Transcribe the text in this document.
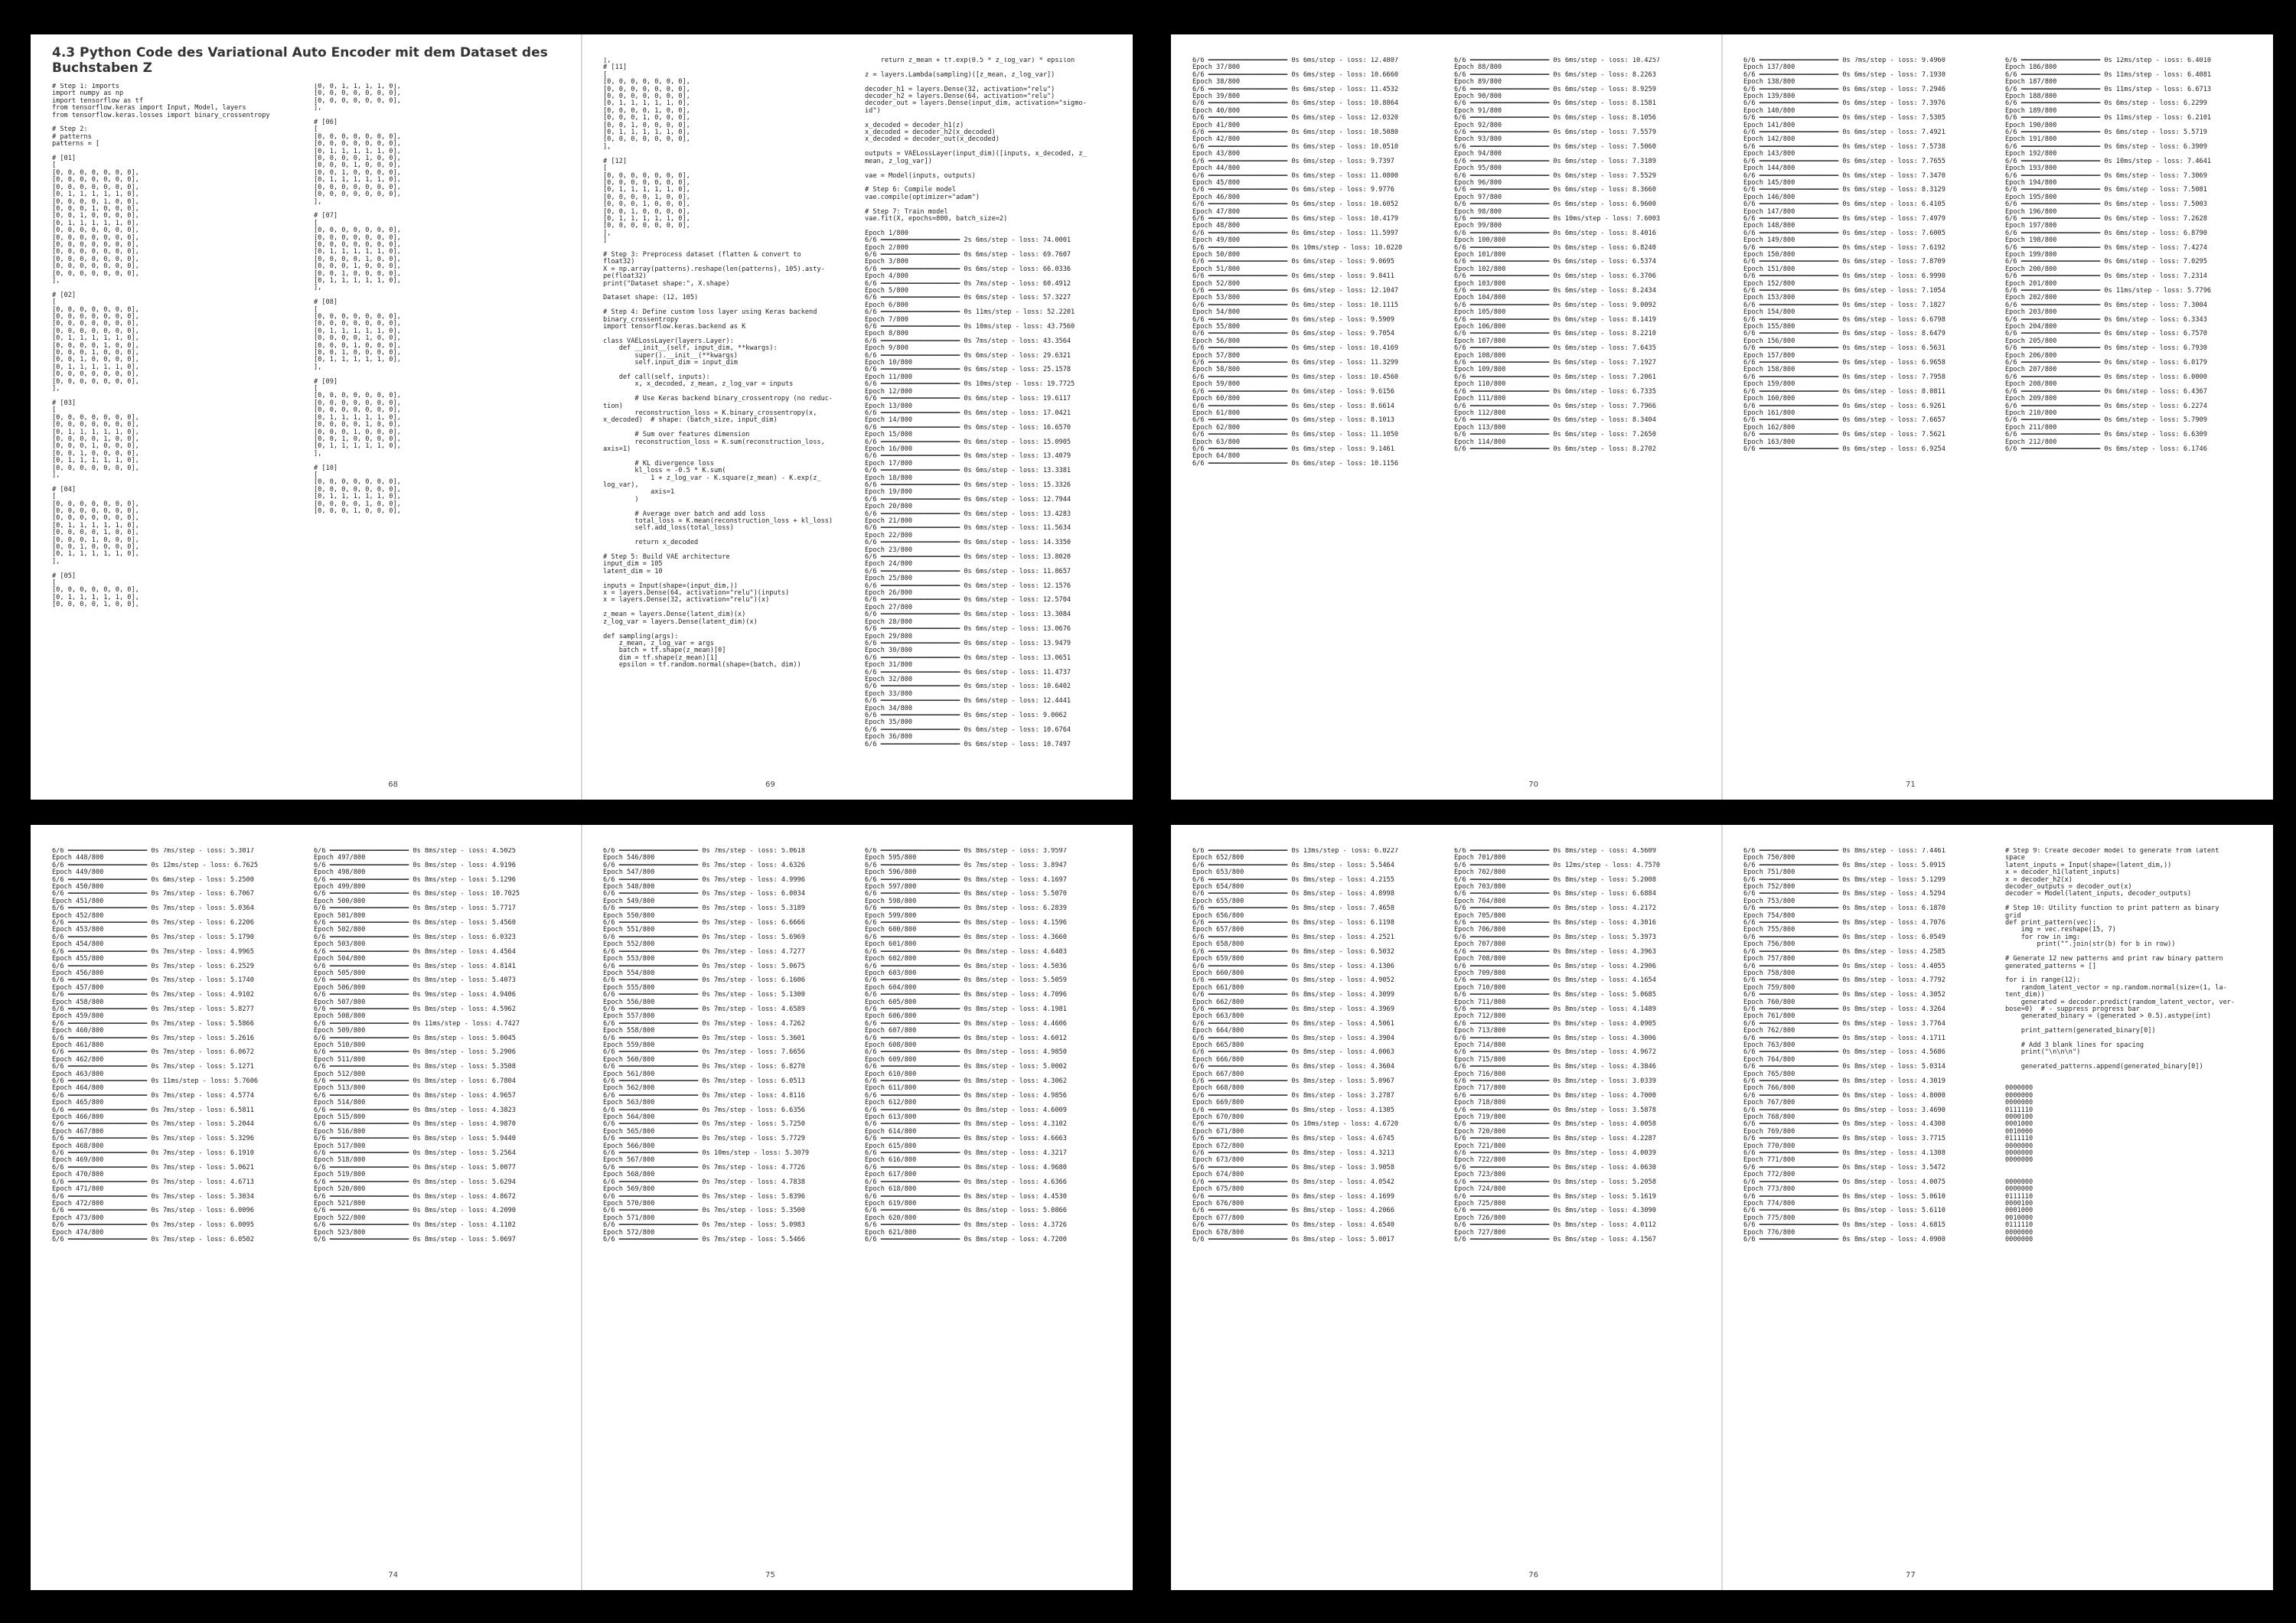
4.3 Python Code des Variational Auto Encoder mit dem Dataset des Buchstaben Z
# Step 1: Imports
import numpy as np
import tensorflow as tf
from tensorflow.keras import Input, Model, layers
from tensorflow.keras.losses import binary_crossentropy

# Step 2:
# patterns
patterns = [

# [01]
[
[0, 0, 0, 0, 0, 0, 0],
[0, 0, 0, 0, 0, 0, 0],
[0, 0, 0, 0, 0, 0, 0],
[0, 1, 1, 1, 1, 1, 0],
[0, 0, 0, 0, 1, 0, 0],
[0, 0, 0, 1, 0, 0, 0],
[0, 0, 1, 0, 0, 0, 0],
[0, 1, 1, 1, 1, 1, 0],
[0, 0, 0, 0, 0, 0, 0],
[0, 0, 0, 0, 0, 0, 0],
[0, 0, 0, 0, 0, 0, 0],
[0, 0, 0, 0, 0, 0, 0],
[0, 0, 0, 0, 0, 0, 0],
[0, 0, 0, 0, 0, 0, 0],
[0, 0, 0, 0, 0, 0, 0],
],

# [02]
[
[0, 0, 0, 0, 0, 0, 0],
[0, 0, 0, 0, 0, 0, 0],
[0, 0, 0, 0, 0, 0, 0],
[0, 0, 0, 0, 0, 0, 0],
[0, 1, 1, 1, 1, 1, 0],
[0, 0, 0, 0, 1, 0, 0],
[0, 0, 0, 1, 0, 0, 0],
[0, 0, 1, 0, 0, 0, 0],
[0, 1, 1, 1, 1, 1, 0],
[0, 0, 0, 0, 0, 0, 0],
[0, 0, 0, 0, 0, 0, 0],
],

# [03]
[
[0, 0, 0, 0, 0, 0, 0],
[0, 0, 0, 0, 0, 0, 0],
[0, 1, 1, 1, 1, 1, 0],
[0, 0, 0, 0, 1, 0, 0],
[0, 0, 0, 1, 0, 0, 0],
[0, 0, 1, 0, 0, 0, 0],
[0, 1, 1, 1, 1, 1, 0],
[0, 0, 0, 0, 0, 0, 0],
],

# [04]
[
[0, 0, 0, 0, 0, 0, 0],
[0, 0, 0, 0, 0, 0, 0],
[0, 0, 0, 0, 0, 0, 0],
[0, 1, 1, 1, 1, 1, 0],
[0, 0, 0, 0, 1, 0, 0],
[0, 0, 0, 1, 0, 0, 0],
[0, 0, 1, 0, 0, 0, 0],
[0, 1, 1, 1, 1, 1, 0],
],

# [05]
[
[0, 0, 0, 0, 0, 0, 0],
[0, 1, 1, 1, 1, 1, 0],
[0, 0, 0, 0, 1, 0, 0],
[0, 0, 1, 1, 1, 1, 0],
[0, 0, 0, 0, 0, 0, 0],
[0, 0, 0, 0, 0, 0, 0],
],

# [06]
[
[0, 0, 0, 0, 0, 0, 0],
[0, 0, 0, 0, 0, 0, 0],
[0, 1, 1, 1, 1, 1, 0],
[0, 0, 0, 0, 1, 0, 0],
[0, 0, 0, 1, 0, 0, 0],
[0, 0, 1, 0, 0, 0, 0],
[0, 1, 1, 1, 1, 1, 0],
[0, 0, 0, 0, 0, 0, 0],
[0, 0, 0, 0, 0, 0, 0],
],

# [07]
[
[0, 0, 0, 0, 0, 0, 0],
[0, 0, 0, 0, 0, 0, 0],
[0, 0, 0, 0, 0, 0, 0],
[0, 1, 1, 1, 1, 1, 0],
[0, 0, 0, 0, 1, 0, 0],
[0, 0, 0, 1, 0, 0, 0],
[0, 0, 1, 0, 0, 0, 0],
[0, 1, 1, 1, 1, 1, 0],
],

# [08]
[
[0, 0, 0, 0, 0, 0, 0],
[0, 0, 0, 0, 0, 0, 0],
[0, 1, 1, 1, 1, 1, 0],
[0, 0, 0, 0, 1, 0, 0],
[0, 0, 0, 1, 0, 0, 0],
[0, 0, 1, 0, 0, 0, 0],
[0, 1, 1, 1, 1, 1, 0],
],

# [09]
[
[0, 0, 0, 0, 0, 0, 0],
[0, 0, 0, 0, 0, 0, 0],
[0, 0, 0, 0, 0, 0, 0],
[0, 1, 1, 1, 1, 1, 0],
[0, 0, 0, 0, 1, 0, 0],
[0, 0, 0, 1, 0, 0, 0],
[0, 0, 1, 0, 0, 0, 0],
[0, 1, 1, 1, 1, 1, 0],
],

# [10]
[
[0, 0, 0, 0, 0, 0, 0],
[0, 0, 0, 0, 0, 0, 0],
[0, 1, 1, 1, 1, 1, 0],
[0, 0, 0, 0, 1, 0, 0],
[0, 0, 0, 1, 0, 0, 0],
68
],
# [11]
[
[0, 0, 0, 0, 0, 0, 0],
[0, 0, 0, 0, 0, 0, 0],
[0, 0, 0, 0, 0, 0, 0],
[0, 1, 1, 1, 1, 1, 0],
[0, 0, 0, 0, 1, 0, 0],
[0, 0, 0, 1, 0, 0, 0],
[0, 0, 1, 0, 0, 0, 0],
[0, 1, 1, 1, 1, 1, 0],
[0, 0, 0, 0, 0, 0, 0],
],

# [12]
[
[0, 0, 0, 0, 0, 0, 0],
[0, 0, 0, 0, 0, 0, 0],
[0, 1, 1, 1, 1, 1, 0],
[0, 0, 0, 0, 1, 0, 0],
[0, 0, 0, 1, 0, 0, 0],
[0, 0, 1, 0, 0, 0, 0],
[0, 1, 1, 1, 1, 1, 0],
[0, 0, 0, 0, 0, 0, 0],
],
]

# Step 3: Preprocess dataset (flatten & convert to
float32)
X = np.array(patterns).reshape(len(patterns), 105).asty-
pe(float32)
print("Dataset shape:", X.shape)

Dataset shape: (12, 105)

# Step 4: Define custom loss layer using Keras backend
binary_crossentropy
import tensorflow.keras.backend as K

class VAELossLayer(layers.Layer):
def __init__(self, input_dim, **kwargs):
super().__init__(**kwargs)
self.input_dim = input_dim

def call(self, inputs):
x, x_decoded, z_mean, z_log_var = inputs

# Use Keras backend binary_crossentropy (no reduc-
tion)
reconstruction_loss = K.binary_crossentropy(x,
x_decoded)  # shape: (batch_size, input_dim)

# Sum over features dimension
reconstruction_loss = K.sum(reconstruction_loss,
axis=1)

# KL divergence loss
kl_loss = -0.5 * K.sum(
1 + z_log_var - K.square(z_mean) - K.exp(z_
log_var),
axis=1
)

# Average over batch and add loss
total_loss = K.mean(reconstruction_loss + kl_loss)
self.add_loss(total_loss)

return x_decoded

# Step 5: Build VAE architecture
input_dim = 105
latent_dim = 10

inputs = Input(shape=(input_dim,))
x = layers.Dense(64, activation="relu")(inputs)
x = layers.Dense(32, activation="relu")(x)

z_mean = layers.Dense(latent_dim)(x)
z_log_var = layers.Dense(latent_dim)(x)

def sampling(args):
z_mean, z_log_var = args
batch = tf.shape(z_mean)[0]
dim = tf.shape(z_mean)[1]
epsilon = tf.random.normal(shape=(batch, dim))
return z_mean + tf.exp(0.5 * z_log_var) * epsilon

z = layers.Lambda(sampling)([z_mean, z_log_var])

decoder_h1 = layers.Dense(32, activation="relu")
decoder_h2 = layers.Dense(64, activation="relu")
decoder_out = layers.Dense(input_dim, activation="sigmo-
id")

x_decoded = decoder_h1(z)
x_decoded = decoder_h2(x_decoded)
x_decoded = decoder_out(x_decoded)

outputs = VAELossLayer(input_dim)([inputs, x_decoded, z_
mean, z_log_var])

vae = Model(inputs, outputs)

# Step 6: Compile model
vae.compile(optimizer="adam")

# Step 7: Train model
vae.fit(X, epochs=800, batch_size=2)

Epoch 1/800
6/6 ━━━━━━━━━━━━━━━━━━━━ 2s 6ms/step - loss: 74.0001
Epoch 2/800
6/6 ━━━━━━━━━━━━━━━━━━━━ 0s 6ms/step - loss: 69.7607
Epoch 3/800
6/6 ━━━━━━━━━━━━━━━━━━━━ 0s 6ms/step - loss: 66.0336
Epoch 4/800
6/6 ━━━━━━━━━━━━━━━━━━━━ 0s 7ms/step - loss: 60.4912
Epoch 5/800
6/6 ━━━━━━━━━━━━━━━━━━━━ 0s 6ms/step - loss: 57.3227
Epoch 6/800
6/6 ━━━━━━━━━━━━━━━━━━━━ 0s 11ms/step - loss: 52.2201
Epoch 7/800
6/6 ━━━━━━━━━━━━━━━━━━━━ 0s 10ms/step - loss: 43.7560
Epoch 8/800
6/6 ━━━━━━━━━━━━━━━━━━━━ 0s 7ms/step - loss: 43.3564
Epoch 9/800
6/6 ━━━━━━━━━━━━━━━━━━━━ 0s 6ms/step - loss: 29.6321
Epoch 10/800
6/6 ━━━━━━━━━━━━━━━━━━━━ 0s 6ms/step - loss: 25.1578
Epoch 11/800
6/6 ━━━━━━━━━━━━━━━━━━━━ 0s 10ms/step - loss: 19.7725
Epoch 12/800
6/6 ━━━━━━━━━━━━━━━━━━━━ 0s 6ms/step - loss: 19.6117
Epoch 13/800
6/6 ━━━━━━━━━━━━━━━━━━━━ 0s 6ms/step - loss: 17.0421
Epoch 14/800
6/6 ━━━━━━━━━━━━━━━━━━━━ 0s 6ms/step - loss: 16.6570
Epoch 15/800
6/6 ━━━━━━━━━━━━━━━━━━━━ 0s 6ms/step - loss: 15.0905
Epoch 16/800
6/6 ━━━━━━━━━━━━━━━━━━━━ 0s 6ms/step - loss: 13.4079
Epoch 17/800
6/6 ━━━━━━━━━━━━━━━━━━━━ 0s 6ms/step - loss: 13.3381
Epoch 18/800
6/6 ━━━━━━━━━━━━━━━━━━━━ 0s 6ms/step - loss: 15.3326
Epoch 19/800
6/6 ━━━━━━━━━━━━━━━━━━━━ 0s 6ms/step - loss: 12.7944
Epoch 20/800
6/6 ━━━━━━━━━━━━━━━━━━━━ 0s 6ms/step - loss: 13.4283
Epoch 21/800
6/6 ━━━━━━━━━━━━━━━━━━━━ 0s 6ms/step - loss: 11.5634
Epoch 22/800
6/6 ━━━━━━━━━━━━━━━━━━━━ 0s 6ms/step - loss: 14.3350
Epoch 23/800
6/6 ━━━━━━━━━━━━━━━━━━━━ 0s 6ms/step - loss: 13.8020
Epoch 24/800
6/6 ━━━━━━━━━━━━━━━━━━━━ 0s 6ms/step - loss: 11.8657
Epoch 25/800
6/6 ━━━━━━━━━━━━━━━━━━━━ 0s 6ms/step - loss: 12.1576
Epoch 26/800
6/6 ━━━━━━━━━━━━━━━━━━━━ 0s 6ms/step - loss: 12.5704
Epoch 27/800
6/6 ━━━━━━━━━━━━━━━━━━━━ 0s 6ms/step - loss: 13.3084
Epoch 28/800
6/6 ━━━━━━━━━━━━━━━━━━━━ 0s 6ms/step - loss: 13.0676
Epoch 29/800
6/6 ━━━━━━━━━━━━━━━━━━━━ 0s 6ms/step - loss: 13.9479
Epoch 30/800
6/6 ━━━━━━━━━━━━━━━━━━━━ 0s 6ms/step - loss: 13.0651
Epoch 31/800
6/6 ━━━━━━━━━━━━━━━━━━━━ 0s 6ms/step - loss: 11.4737
Epoch 32/800
6/6 ━━━━━━━━━━━━━━━━━━━━ 0s 6ms/step - loss: 10.6402
Epoch 33/800
6/6 ━━━━━━━━━━━━━━━━━━━━ 0s 6ms/step - loss: 12.4441
Epoch 34/800
6/6 ━━━━━━━━━━━━━━━━━━━━ 0s 6ms/step - loss: 9.0062
Epoch 35/800
6/6 ━━━━━━━━━━━━━━━━━━━━ 0s 6ms/step - loss: 10.6764
Epoch 36/800
6/6 ━━━━━━━━━━━━━━━━━━━━ 0s 6ms/step - loss: 10.7497
69
6/6 ━━━━━━━━━━━━━━━━━━━━ 0s 6ms/step - loss: 12.4807
Epoch 37/800
6/6 ━━━━━━━━━━━━━━━━━━━━ 0s 6ms/step - loss: 10.6660
Epoch 38/800
6/6 ━━━━━━━━━━━━━━━━━━━━ 0s 6ms/step - loss: 11.4532
Epoch 39/800
6/6 ━━━━━━━━━━━━━━━━━━━━ 0s 6ms/step - loss: 10.8864
Epoch 40/800
6/6 ━━━━━━━━━━━━━━━━━━━━ 0s 6ms/step - loss: 12.0320
Epoch 41/800
6/6 ━━━━━━━━━━━━━━━━━━━━ 0s 6ms/step - loss: 10.5080
Epoch 42/800
6/6 ━━━━━━━━━━━━━━━━━━━━ 0s 6ms/step - loss: 10.0510
Epoch 43/800
6/6 ━━━━━━━━━━━━━━━━━━━━ 0s 6ms/step - loss: 9.7397
Epoch 44/800
6/6 ━━━━━━━━━━━━━━━━━━━━ 0s 6ms/step - loss: 11.0800
Epoch 45/800
6/6 ━━━━━━━━━━━━━━━━━━━━ 0s 6ms/step - loss: 9.9776
Epoch 46/800
6/6 ━━━━━━━━━━━━━━━━━━━━ 0s 6ms/step - loss: 10.6052
Epoch 47/800
6/6 ━━━━━━━━━━━━━━━━━━━━ 0s 6ms/step - loss: 10.4179
Epoch 48/800
6/6 ━━━━━━━━━━━━━━━━━━━━ 0s 6ms/step - loss: 11.5997
Epoch 49/800
6/6 ━━━━━━━━━━━━━━━━━━━━ 0s 10ms/step - loss: 10.0220
Epoch 50/800
6/6 ━━━━━━━━━━━━━━━━━━━━ 0s 6ms/step - loss: 9.0695
Epoch 51/800
6/6 ━━━━━━━━━━━━━━━━━━━━ 0s 6ms/step - loss: 9.8411
Epoch 52/800
6/6 ━━━━━━━━━━━━━━━━━━━━ 0s 6ms/step - loss: 12.1047
Epoch 53/800
6/6 ━━━━━━━━━━━━━━━━━━━━ 0s 6ms/step - loss: 10.1115
Epoch 54/800
6/6 ━━━━━━━━━━━━━━━━━━━━ 0s 6ms/step - loss: 9.5909
Epoch 55/800
6/6 ━━━━━━━━━━━━━━━━━━━━ 0s 6ms/step - loss: 9.7054
Epoch 56/800
6/6 ━━━━━━━━━━━━━━━━━━━━ 0s 6ms/step - loss: 10.4169
Epoch 57/800
6/6 ━━━━━━━━━━━━━━━━━━━━ 0s 6ms/step - loss: 11.3299
Epoch 58/800
6/6 ━━━━━━━━━━━━━━━━━━━━ 0s 6ms/step - loss: 10.4560
Epoch 59/800
6/6 ━━━━━━━━━━━━━━━━━━━━ 0s 6ms/step - loss: 9.6156
Epoch 60/800
6/6 ━━━━━━━━━━━━━━━━━━━━ 0s 6ms/step - loss: 8.6614
Epoch 61/800
6/6 ━━━━━━━━━━━━━━━━━━━━ 0s 6ms/step - loss: 8.1013
Epoch 62/800
6/6 ━━━━━━━━━━━━━━━━━━━━ 0s 6ms/step - loss: 11.1050
Epoch 63/800
6/6 ━━━━━━━━━━━━━━━━━━━━ 0s 6ms/step - loss: 9.1461
Epoch 64/800
6/6 ━━━━━━━━━━━━━━━━━━━━ 0s 6ms/step - loss: 10.1156
6/6 ━━━━━━━━━━━━━━━━━━━━ 0s 6ms/step - loss: 10.4257
Epoch 88/800
6/6 ━━━━━━━━━━━━━━━━━━━━ 0s 6ms/step - loss: 8.2263
Epoch 89/800
6/6 ━━━━━━━━━━━━━━━━━━━━ 0s 6ms/step - loss: 8.9259
Epoch 90/800
6/6 ━━━━━━━━━━━━━━━━━━━━ 0s 6ms/step - loss: 8.1581
Epoch 91/800
6/6 ━━━━━━━━━━━━━━━━━━━━ 0s 6ms/step - loss: 8.1056
Epoch 92/800
6/6 ━━━━━━━━━━━━━━━━━━━━ 0s 6ms/step - loss: 7.5579
Epoch 93/800
6/6 ━━━━━━━━━━━━━━━━━━━━ 0s 6ms/step - loss: 7.5060
Epoch 94/800
6/6 ━━━━━━━━━━━━━━━━━━━━ 0s 6ms/step - loss: 7.3189
Epoch 95/800
6/6 ━━━━━━━━━━━━━━━━━━━━ 0s 6ms/step - loss: 7.5529
Epoch 96/800
6/6 ━━━━━━━━━━━━━━━━━━━━ 0s 6ms/step - loss: 8.3660
Epoch 97/800
6/6 ━━━━━━━━━━━━━━━━━━━━ 0s 6ms/step - loss: 6.9600
Epoch 98/800
6/6 ━━━━━━━━━━━━━━━━━━━━ 0s 10ms/step - loss: 7.6003
Epoch 99/800
6/6 ━━━━━━━━━━━━━━━━━━━━ 0s 6ms/step - loss: 8.4016
Epoch 100/800
6/6 ━━━━━━━━━━━━━━━━━━━━ 0s 6ms/step - loss: 6.8240
Epoch 101/800
6/6 ━━━━━━━━━━━━━━━━━━━━ 0s 6ms/step - loss: 6.5374
Epoch 102/800
6/6 ━━━━━━━━━━━━━━━━━━━━ 0s 6ms/step - loss: 6.3706
Epoch 103/800
6/6 ━━━━━━━━━━━━━━━━━━━━ 0s 6ms/step - loss: 8.2434
Epoch 104/800
6/6 ━━━━━━━━━━━━━━━━━━━━ 0s 6ms/step - loss: 9.0092
Epoch 105/800
6/6 ━━━━━━━━━━━━━━━━━━━━ 0s 6ms/step - loss: 8.1419
Epoch 106/800
6/6 ━━━━━━━━━━━━━━━━━━━━ 0s 6ms/step - loss: 8.2210
Epoch 107/800
6/6 ━━━━━━━━━━━━━━━━━━━━ 0s 6ms/step - loss: 7.6435
Epoch 108/800
6/6 ━━━━━━━━━━━━━━━━━━━━ 0s 6ms/step - loss: 7.1927
Epoch 109/800
6/6 ━━━━━━━━━━━━━━━━━━━━ 0s 6ms/step - loss: 7.2061
Epoch 110/800
6/6 ━━━━━━━━━━━━━━━━━━━━ 0s 6ms/step - loss: 6.7335
Epoch 111/800
6/6 ━━━━━━━━━━━━━━━━━━━━ 0s 6ms/step - loss: 7.7966
Epoch 112/800
6/6 ━━━━━━━━━━━━━━━━━━━━ 0s 6ms/step - loss: 8.3404
Epoch 113/800
6/6 ━━━━━━━━━━━━━━━━━━━━ 0s 6ms/step - loss: 7.2650
Epoch 114/800
6/6 ━━━━━━━━━━━━━━━━━━━━ 0s 6ms/step - loss: 8.2702
70
6/6 ━━━━━━━━━━━━━━━━━━━━ 0s 7ms/step - loss: 9.4960
Epoch 137/800
6/6 ━━━━━━━━━━━━━━━━━━━━ 0s 6ms/step - loss: 7.1930
Epoch 138/800
6/6 ━━━━━━━━━━━━━━━━━━━━ 0s 6ms/step - loss: 7.2946
Epoch 139/800
6/6 ━━━━━━━━━━━━━━━━━━━━ 0s 6ms/step - loss: 7.3976
Epoch 140/800
6/6 ━━━━━━━━━━━━━━━━━━━━ 0s 6ms/step - loss: 7.5305
Epoch 141/800
6/6 ━━━━━━━━━━━━━━━━━━━━ 0s 6ms/step - loss: 7.4921
Epoch 142/800
6/6 ━━━━━━━━━━━━━━━━━━━━ 0s 6ms/step - loss: 7.5738
Epoch 143/800
6/6 ━━━━━━━━━━━━━━━━━━━━ 0s 6ms/step - loss: 7.7655
Epoch 144/800
6/6 ━━━━━━━━━━━━━━━━━━━━ 0s 6ms/step - loss: 7.3470
Epoch 145/800
6/6 ━━━━━━━━━━━━━━━━━━━━ 0s 6ms/step - loss: 8.3129
Epoch 146/800
6/6 ━━━━━━━━━━━━━━━━━━━━ 0s 6ms/step - loss: 6.4105
Epoch 147/800
6/6 ━━━━━━━━━━━━━━━━━━━━ 0s 6ms/step - loss: 7.4979
Epoch 148/800
6/6 ━━━━━━━━━━━━━━━━━━━━ 0s 6ms/step - loss: 7.6005
Epoch 149/800
6/6 ━━━━━━━━━━━━━━━━━━━━ 0s 6ms/step - loss: 7.6192
Epoch 150/800
6/6 ━━━━━━━━━━━━━━━━━━━━ 0s 6ms/step - loss: 7.8709
Epoch 151/800
6/6 ━━━━━━━━━━━━━━━━━━━━ 0s 6ms/step - loss: 6.9990
Epoch 152/800
6/6 ━━━━━━━━━━━━━━━━━━━━ 0s 6ms/step - loss: 7.1054
Epoch 153/800
6/6 ━━━━━━━━━━━━━━━━━━━━ 0s 6ms/step - loss: 7.1827
Epoch 154/800
6/6 ━━━━━━━━━━━━━━━━━━━━ 0s 6ms/step - loss: 6.6798
Epoch 155/800
6/6 ━━━━━━━━━━━━━━━━━━━━ 0s 6ms/step - loss: 8.6479
Epoch 156/800
6/6 ━━━━━━━━━━━━━━━━━━━━ 0s 6ms/step - loss: 6.5631
Epoch 157/800
6/6 ━━━━━━━━━━━━━━━━━━━━ 0s 6ms/step - loss: 6.9658
Epoch 158/800
6/6 ━━━━━━━━━━━━━━━━━━━━ 0s 6ms/step - loss: 7.7958
Epoch 159/800
6/6 ━━━━━━━━━━━━━━━━━━━━ 0s 6ms/step - loss: 8.0811
Epoch 160/800
6/6 ━━━━━━━━━━━━━━━━━━━━ 0s 6ms/step - loss: 6.9261
Epoch 161/800
6/6 ━━━━━━━━━━━━━━━━━━━━ 0s 6ms/step - loss: 7.6657
Epoch 162/800
6/6 ━━━━━━━━━━━━━━━━━━━━ 0s 6ms/step - loss: 7.5621
Epoch 163/800
6/6 ━━━━━━━━━━━━━━━━━━━━ 0s 6ms/step - loss: 6.9254
6/6 ━━━━━━━━━━━━━━━━━━━━ 0s 12ms/step - loss: 6.4010
Epoch 186/800
6/6 ━━━━━━━━━━━━━━━━━━━━ 0s 11ms/step - loss: 6.4081
Epoch 187/800
6/6 ━━━━━━━━━━━━━━━━━━━━ 0s 11ms/step - loss: 6.6713
Epoch 188/800
6/6 ━━━━━━━━━━━━━━━━━━━━ 0s 6ms/step - loss: 6.2299
Epoch 189/800
6/6 ━━━━━━━━━━━━━━━━━━━━ 0s 11ms/step - loss: 6.2101
Epoch 190/800
6/6 ━━━━━━━━━━━━━━━━━━━━ 0s 6ms/step - loss: 5.5719
Epoch 191/800
6/6 ━━━━━━━━━━━━━━━━━━━━ 0s 6ms/step - loss: 6.3909
Epoch 192/800
6/6 ━━━━━━━━━━━━━━━━━━━━ 0s 10ms/step - loss: 7.4641
Epoch 193/800
6/6 ━━━━━━━━━━━━━━━━━━━━ 0s 6ms/step - loss: 7.3069
Epoch 194/800
6/6 ━━━━━━━━━━━━━━━━━━━━ 0s 6ms/step - loss: 7.5081
Epoch 195/800
6/6 ━━━━━━━━━━━━━━━━━━━━ 0s 6ms/step - loss: 7.5003
Epoch 196/800
6/6 ━━━━━━━━━━━━━━━━━━━━ 0s 6ms/step - loss: 7.2628
Epoch 197/800
6/6 ━━━━━━━━━━━━━━━━━━━━ 0s 6ms/step - loss: 6.8790
Epoch 198/800
6/6 ━━━━━━━━━━━━━━━━━━━━ 0s 6ms/step - loss: 7.4274
Epoch 199/800
6/6 ━━━━━━━━━━━━━━━━━━━━ 0s 6ms/step - loss: 7.0295
Epoch 200/800
6/6 ━━━━━━━━━━━━━━━━━━━━ 0s 6ms/step - loss: 7.2314
Epoch 201/800
6/6 ━━━━━━━━━━━━━━━━━━━━ 0s 11ms/step - loss: 5.7796
Epoch 202/800
6/6 ━━━━━━━━━━━━━━━━━━━━ 0s 6ms/step - loss: 7.3004
Epoch 203/800
6/6 ━━━━━━━━━━━━━━━━━━━━ 0s 6ms/step - loss: 6.3343
Epoch 204/800
6/6 ━━━━━━━━━━━━━━━━━━━━ 0s 6ms/step - loss: 6.7570
Epoch 205/800
6/6 ━━━━━━━━━━━━━━━━━━━━ 0s 6ms/step - loss: 6.7930
Epoch 206/800
6/6 ━━━━━━━━━━━━━━━━━━━━ 0s 6ms/step - loss: 6.0179
Epoch 207/800
6/6 ━━━━━━━━━━━━━━━━━━━━ 0s 6ms/step - loss: 6.0000
Epoch 208/800
6/6 ━━━━━━━━━━━━━━━━━━━━ 0s 6ms/step - loss: 6.4367
Epoch 209/800
6/6 ━━━━━━━━━━━━━━━━━━━━ 0s 6ms/step - loss: 6.2274
Epoch 210/800
6/6 ━━━━━━━━━━━━━━━━━━━━ 0s 6ms/step - loss: 5.7909
Epoch 211/800
6/6 ━━━━━━━━━━━━━━━━━━━━ 0s 6ms/step - loss: 6.6309
Epoch 212/800
6/6 ━━━━━━━━━━━━━━━━━━━━ 0s 6ms/step - loss: 6.1746
71
6/6 ━━━━━━━━━━━━━━━━━━━━ 0s 7ms/step - loss: 5.3017
Epoch 448/800
6/6 ━━━━━━━━━━━━━━━━━━━━ 0s 12ms/step - loss: 6.7625
Epoch 449/800
6/6 ━━━━━━━━━━━━━━━━━━━━ 0s 6ms/step - loss: 5.2500
Epoch 450/800
6/6 ━━━━━━━━━━━━━━━━━━━━ 0s 7ms/step - loss: 6.7067
Epoch 451/800
6/6 ━━━━━━━━━━━━━━━━━━━━ 0s 7ms/step - loss: 5.0364
Epoch 452/800
6/6 ━━━━━━━━━━━━━━━━━━━━ 0s 7ms/step - loss: 6.2206
Epoch 453/800
6/6 ━━━━━━━━━━━━━━━━━━━━ 0s 7ms/step - loss: 5.1790
Epoch 454/800
6/6 ━━━━━━━━━━━━━━━━━━━━ 0s 7ms/step - loss: 4.9965
Epoch 455/800
6/6 ━━━━━━━━━━━━━━━━━━━━ 0s 7ms/step - loss: 6.2529
Epoch 456/800
6/6 ━━━━━━━━━━━━━━━━━━━━ 0s 7ms/step - loss: 5.1740
Epoch 457/800
6/6 ━━━━━━━━━━━━━━━━━━━━ 0s 7ms/step - loss: 4.9102
Epoch 458/800
6/6 ━━━━━━━━━━━━━━━━━━━━ 0s 7ms/step - loss: 5.8277
Epoch 459/800
6/6 ━━━━━━━━━━━━━━━━━━━━ 0s 7ms/step - loss: 5.5866
Epoch 460/800
6/6 ━━━━━━━━━━━━━━━━━━━━ 0s 7ms/step - loss: 5.2616
Epoch 461/800
6/6 ━━━━━━━━━━━━━━━━━━━━ 0s 7ms/step - loss: 6.0672
Epoch 462/800
6/6 ━━━━━━━━━━━━━━━━━━━━ 0s 7ms/step - loss: 5.1271
Epoch 463/800
6/6 ━━━━━━━━━━━━━━━━━━━━ 0s 11ms/step - loss: 5.7606
Epoch 464/800
6/6 ━━━━━━━━━━━━━━━━━━━━ 0s 7ms/step - loss: 4.5774
Epoch 465/800
6/6 ━━━━━━━━━━━━━━━━━━━━ 0s 7ms/step - loss: 6.5811
Epoch 466/800
6/6 ━━━━━━━━━━━━━━━━━━━━ 0s 7ms/step - loss: 5.2044
Epoch 467/800
6/6 ━━━━━━━━━━━━━━━━━━━━ 0s 7ms/step - loss: 5.3296
Epoch 468/800
6/6 ━━━━━━━━━━━━━━━━━━━━ 0s 7ms/step - loss: 6.1910
Epoch 469/800
6/6 ━━━━━━━━━━━━━━━━━━━━ 0s 7ms/step - loss: 5.0621
Epoch 470/800
6/6 ━━━━━━━━━━━━━━━━━━━━ 0s 7ms/step - loss: 4.6713
Epoch 471/800
6/6 ━━━━━━━━━━━━━━━━━━━━ 0s 7ms/step - loss: 5.3034
Epoch 472/800
6/6 ━━━━━━━━━━━━━━━━━━━━ 0s 7ms/step - loss: 6.0096
Epoch 473/800
6/6 ━━━━━━━━━━━━━━━━━━━━ 0s 7ms/step - loss: 6.0095
Epoch 474/800
6/6 ━━━━━━━━━━━━━━━━━━━━ 0s 7ms/step - loss: 6.0502
6/6 ━━━━━━━━━━━━━━━━━━━━ 0s 8ms/step - loss: 4.5025
Epoch 497/800
6/6 ━━━━━━━━━━━━━━━━━━━━ 0s 8ms/step - loss: 4.9196
Epoch 498/800
6/6 ━━━━━━━━━━━━━━━━━━━━ 0s 8ms/step - loss: 5.1296
Epoch 499/800
6/6 ━━━━━━━━━━━━━━━━━━━━ 0s 8ms/step - loss: 10.7025
Epoch 500/800
6/6 ━━━━━━━━━━━━━━━━━━━━ 0s 8ms/step - loss: 5.7717
Epoch 501/800
6/6 ━━━━━━━━━━━━━━━━━━━━ 0s 8ms/step - loss: 5.4560
Epoch 502/800
6/6 ━━━━━━━━━━━━━━━━━━━━ 0s 8ms/step - loss: 6.0323
Epoch 503/800
6/6 ━━━━━━━━━━━━━━━━━━━━ 0s 8ms/step - loss: 4.4564
Epoch 504/800
6/6 ━━━━━━━━━━━━━━━━━━━━ 0s 8ms/step - loss: 4.8141
Epoch 505/800
6/6 ━━━━━━━━━━━━━━━━━━━━ 0s 8ms/step - loss: 5.4073
Epoch 506/800
6/6 ━━━━━━━━━━━━━━━━━━━━ 0s 9ms/step - loss: 4.9406
Epoch 507/800
6/6 ━━━━━━━━━━━━━━━━━━━━ 0s 8ms/step - loss: 4.5962
Epoch 508/800
6/6 ━━━━━━━━━━━━━━━━━━━━ 0s 11ms/step - loss: 4.7427
Epoch 509/800
6/6 ━━━━━━━━━━━━━━━━━━━━ 0s 8ms/step - loss: 5.0045
Epoch 510/800
6/6 ━━━━━━━━━━━━━━━━━━━━ 0s 8ms/step - loss: 5.2906
Epoch 511/800
6/6 ━━━━━━━━━━━━━━━━━━━━ 0s 8ms/step - loss: 5.3508
Epoch 512/800
6/6 ━━━━━━━━━━━━━━━━━━━━ 0s 8ms/step - loss: 6.7804
Epoch 513/800
6/6 ━━━━━━━━━━━━━━━━━━━━ 0s 8ms/step - loss: 4.9657
Epoch 514/800
6/6 ━━━━━━━━━━━━━━━━━━━━ 0s 8ms/step - loss: 4.3823
Epoch 515/800
6/6 ━━━━━━━━━━━━━━━━━━━━ 0s 8ms/step - loss: 4.9870
Epoch 516/800
6/6 ━━━━━━━━━━━━━━━━━━━━ 0s 8ms/step - loss: 5.9440
Epoch 517/800
6/6 ━━━━━━━━━━━━━━━━━━━━ 0s 8ms/step - loss: 5.2564
Epoch 518/800
6/6 ━━━━━━━━━━━━━━━━━━━━ 0s 8ms/step - loss: 5.0077
Epoch 519/800
6/6 ━━━━━━━━━━━━━━━━━━━━ 0s 8ms/step - loss: 5.6294
Epoch 520/800
6/6 ━━━━━━━━━━━━━━━━━━━━ 0s 8ms/step - loss: 4.8672
Epoch 521/800
6/6 ━━━━━━━━━━━━━━━━━━━━ 0s 8ms/step - loss: 4.2090
Epoch 522/800
6/6 ━━━━━━━━━━━━━━━━━━━━ 0s 8ms/step - loss: 4.1102
Epoch 523/800
6/6 ━━━━━━━━━━━━━━━━━━━━ 0s 8ms/step - loss: 5.0697
74
6/6 ━━━━━━━━━━━━━━━━━━━━ 0s 7ms/step - loss: 5.0618
Epoch 546/800
6/6 ━━━━━━━━━━━━━━━━━━━━ 0s 7ms/step - loss: 4.6326
Epoch 547/800
6/6 ━━━━━━━━━━━━━━━━━━━━ 0s 7ms/step - loss: 4.9996
Epoch 548/800
6/6 ━━━━━━━━━━━━━━━━━━━━ 0s 7ms/step - loss: 6.0034
Epoch 549/800
6/6 ━━━━━━━━━━━━━━━━━━━━ 0s 7ms/step - loss: 5.3189
Epoch 550/800
6/6 ━━━━━━━━━━━━━━━━━━━━ 0s 7ms/step - loss: 6.6666
Epoch 551/800
6/6 ━━━━━━━━━━━━━━━━━━━━ 0s 7ms/step - loss: 5.6969
Epoch 552/800
6/6 ━━━━━━━━━━━━━━━━━━━━ 0s 7ms/step - loss: 4.7277
Epoch 553/800
6/6 ━━━━━━━━━━━━━━━━━━━━ 0s 7ms/step - loss: 5.0675
Epoch 554/800
6/6 ━━━━━━━━━━━━━━━━━━━━ 0s 7ms/step - loss: 6.1606
Epoch 555/800
6/6 ━━━━━━━━━━━━━━━━━━━━ 0s 7ms/step - loss: 5.1300
Epoch 556/800
6/6 ━━━━━━━━━━━━━━━━━━━━ 0s 7ms/step - loss: 4.6589
Epoch 557/800
6/6 ━━━━━━━━━━━━━━━━━━━━ 0s 7ms/step - loss: 4.7262
Epoch 558/800
6/6 ━━━━━━━━━━━━━━━━━━━━ 0s 7ms/step - loss: 5.3601
Epoch 559/800
6/6 ━━━━━━━━━━━━━━━━━━━━ 0s 7ms/step - loss: 7.6656
Epoch 560/800
6/6 ━━━━━━━━━━━━━━━━━━━━ 0s 7ms/step - loss: 6.8270
Epoch 561/800
6/6 ━━━━━━━━━━━━━━━━━━━━ 0s 7ms/step - loss: 6.0513
Epoch 562/800
6/6 ━━━━━━━━━━━━━━━━━━━━ 0s 7ms/step - loss: 4.8116
Epoch 563/800
6/6 ━━━━━━━━━━━━━━━━━━━━ 0s 7ms/step - loss: 6.6356
Epoch 564/800
6/6 ━━━━━━━━━━━━━━━━━━━━ 0s 7ms/step - loss: 5.7250
Epoch 565/800
6/6 ━━━━━━━━━━━━━━━━━━━━ 0s 7ms/step - loss: 5.7729
Epoch 566/800
6/6 ━━━━━━━━━━━━━━━━━━━━ 0s 10ms/step - loss: 5.3079
Epoch 567/800
6/6 ━━━━━━━━━━━━━━━━━━━━ 0s 7ms/step - loss: 4.7726
Epoch 568/800
6/6 ━━━━━━━━━━━━━━━━━━━━ 0s 7ms/step - loss: 4.7838
Epoch 569/800
6/6 ━━━━━━━━━━━━━━━━━━━━ 0s 7ms/step - loss: 5.8396
Epoch 570/800
6/6 ━━━━━━━━━━━━━━━━━━━━ 0s 7ms/step - loss: 5.3500
Epoch 571/800
6/6 ━━━━━━━━━━━━━━━━━━━━ 0s 7ms/step - loss: 5.0983
Epoch 572/800
6/6 ━━━━━━━━━━━━━━━━━━━━ 0s 7ms/step - loss: 5.5466
6/6 ━━━━━━━━━━━━━━━━━━━━ 0s 8ms/step - loss: 3.9597
Epoch 595/800
6/6 ━━━━━━━━━━━━━━━━━━━━ 0s 7ms/step - loss: 3.8947
Epoch 596/800
6/6 ━━━━━━━━━━━━━━━━━━━━ 0s 8ms/step - loss: 4.1697
Epoch 597/800
6/6 ━━━━━━━━━━━━━━━━━━━━ 0s 8ms/step - loss: 5.5070
Epoch 598/800
6/6 ━━━━━━━━━━━━━━━━━━━━ 0s 8ms/step - loss: 6.2839
Epoch 599/800
6/6 ━━━━━━━━━━━━━━━━━━━━ 0s 8ms/step - loss: 4.1596
Epoch 600/800
6/6 ━━━━━━━━━━━━━━━━━━━━ 0s 8ms/step - loss: 4.3660
Epoch 601/800
6/6 ━━━━━━━━━━━━━━━━━━━━ 0s 8ms/step - loss: 4.6403
Epoch 602/800
6/6 ━━━━━━━━━━━━━━━━━━━━ 0s 8ms/step - loss: 4.5036
Epoch 603/800
6/6 ━━━━━━━━━━━━━━━━━━━━ 0s 8ms/step - loss: 5.5059
Epoch 604/800
6/6 ━━━━━━━━━━━━━━━━━━━━ 0s 8ms/step - loss: 4.7096
Epoch 605/800
6/6 ━━━━━━━━━━━━━━━━━━━━ 0s 8ms/step - loss: 4.1981
Epoch 606/800
6/6 ━━━━━━━━━━━━━━━━━━━━ 0s 8ms/step - loss: 4.4606
Epoch 607/800
6/6 ━━━━━━━━━━━━━━━━━━━━ 0s 8ms/step - loss: 4.6012
Epoch 608/800
6/6 ━━━━━━━━━━━━━━━━━━━━ 0s 8ms/step - loss: 4.9850
Epoch 609/800
6/6 ━━━━━━━━━━━━━━━━━━━━ 0s 8ms/step - loss: 5.0002
Epoch 610/800
6/6 ━━━━━━━━━━━━━━━━━━━━ 0s 8ms/step - loss: 4.3062
Epoch 611/800
6/6 ━━━━━━━━━━━━━━━━━━━━ 0s 8ms/step - loss: 4.9856
Epoch 612/800
6/6 ━━━━━━━━━━━━━━━━━━━━ 0s 8ms/step - loss: 4.6009
Epoch 613/800
6/6 ━━━━━━━━━━━━━━━━━━━━ 0s 8ms/step - loss: 4.3102
Epoch 614/800
6/6 ━━━━━━━━━━━━━━━━━━━━ 0s 8ms/step - loss: 4.6663
Epoch 615/800
6/6 ━━━━━━━━━━━━━━━━━━━━ 0s 8ms/step - loss: 4.3217
Epoch 616/800
6/6 ━━━━━━━━━━━━━━━━━━━━ 0s 8ms/step - loss: 4.9680
Epoch 617/800
6/6 ━━━━━━━━━━━━━━━━━━━━ 0s 8ms/step - loss: 4.6366
Epoch 618/800
6/6 ━━━━━━━━━━━━━━━━━━━━ 0s 8ms/step - loss: 4.4530
Epoch 619/800
6/6 ━━━━━━━━━━━━━━━━━━━━ 0s 8ms/step - loss: 5.0866
Epoch 620/800
6/6 ━━━━━━━━━━━━━━━━━━━━ 0s 8ms/step - loss: 4.3726
Epoch 621/800
6/6 ━━━━━━━━━━━━━━━━━━━━ 0s 8ms/step - loss: 4.7200
75
6/6 ━━━━━━━━━━━━━━━━━━━━ 0s 13ms/step - loss: 6.0227
Epoch 652/800
6/6 ━━━━━━━━━━━━━━━━━━━━ 0s 8ms/step - loss: 5.5464
Epoch 653/800
6/6 ━━━━━━━━━━━━━━━━━━━━ 0s 8ms/step - loss: 4.2155
Epoch 654/800
6/6 ━━━━━━━━━━━━━━━━━━━━ 0s 8ms/step - loss: 4.8998
Epoch 655/800
6/6 ━━━━━━━━━━━━━━━━━━━━ 0s 8ms/step - loss: 7.4658
Epoch 656/800
6/6 ━━━━━━━━━━━━━━━━━━━━ 0s 8ms/step - loss: 6.1198
Epoch 657/800
6/6 ━━━━━━━━━━━━━━━━━━━━ 0s 8ms/step - loss: 4.2521
Epoch 658/800
6/6 ━━━━━━━━━━━━━━━━━━━━ 0s 8ms/step - loss: 6.5032
Epoch 659/800
6/6 ━━━━━━━━━━━━━━━━━━━━ 0s 8ms/step - loss: 4.1306
Epoch 660/800
6/6 ━━━━━━━━━━━━━━━━━━━━ 0s 8ms/step - loss: 4.9052
Epoch 661/800
6/6 ━━━━━━━━━━━━━━━━━━━━ 0s 8ms/step - loss: 4.3099
Epoch 662/800
6/6 ━━━━━━━━━━━━━━━━━━━━ 0s 8ms/step - loss: 4.3969
Epoch 663/800
6/6 ━━━━━━━━━━━━━━━━━━━━ 0s 8ms/step - loss: 4.5061
Epoch 664/800
6/6 ━━━━━━━━━━━━━━━━━━━━ 0s 8ms/step - loss: 4.3904
Epoch 665/800
6/6 ━━━━━━━━━━━━━━━━━━━━ 0s 8ms/step - loss: 4.0063
Epoch 666/800
6/6 ━━━━━━━━━━━━━━━━━━━━ 0s 8ms/step - loss: 4.3604
Epoch 667/800
6/6 ━━━━━━━━━━━━━━━━━━━━ 0s 8ms/step - loss: 5.0967
Epoch 668/800
6/6 ━━━━━━━━━━━━━━━━━━━━ 0s 8ms/step - loss: 3.2787
Epoch 669/800
6/6 ━━━━━━━━━━━━━━━━━━━━ 0s 8ms/step - loss: 4.1305
Epoch 670/800
6/6 ━━━━━━━━━━━━━━━━━━━━ 0s 10ms/step - loss: 4.6720
Epoch 671/800
6/6 ━━━━━━━━━━━━━━━━━━━━ 0s 8ms/step - loss: 4.6745
Epoch 672/800
6/6 ━━━━━━━━━━━━━━━━━━━━ 0s 8ms/step - loss: 4.3213
Epoch 673/800
6/6 ━━━━━━━━━━━━━━━━━━━━ 0s 8ms/step - loss: 3.9058
Epoch 674/800
6/6 ━━━━━━━━━━━━━━━━━━━━ 0s 8ms/step - loss: 4.0542
Epoch 675/800
6/6 ━━━━━━━━━━━━━━━━━━━━ 0s 8ms/step - loss: 4.1699
Epoch 676/800
6/6 ━━━━━━━━━━━━━━━━━━━━ 0s 8ms/step - loss: 4.2066
Epoch 677/800
6/6 ━━━━━━━━━━━━━━━━━━━━ 0s 8ms/step - loss: 4.6540
Epoch 678/800
6/6 ━━━━━━━━━━━━━━━━━━━━ 0s 8ms/step - loss: 5.0017
6/6 ━━━━━━━━━━━━━━━━━━━━ 0s 8ms/step - loss: 4.5609
Epoch 701/800
6/6 ━━━━━━━━━━━━━━━━━━━━ 0s 12ms/step - loss: 4.7570
Epoch 702/800
6/6 ━━━━━━━━━━━━━━━━━━━━ 0s 8ms/step - loss: 5.2008
Epoch 703/800
6/6 ━━━━━━━━━━━━━━━━━━━━ 0s 8ms/step - loss: 6.6884
Epoch 704/800
6/6 ━━━━━━━━━━━━━━━━━━━━ 0s 8ms/step - loss: 4.2172
Epoch 705/800
6/6 ━━━━━━━━━━━━━━━━━━━━ 0s 8ms/step - loss: 4.3016
Epoch 706/800
6/6 ━━━━━━━━━━━━━━━━━━━━ 0s 8ms/step - loss: 5.3973
Epoch 707/800
6/6 ━━━━━━━━━━━━━━━━━━━━ 0s 8ms/step - loss: 4.3963
Epoch 708/800
6/6 ━━━━━━━━━━━━━━━━━━━━ 0s 8ms/step - loss: 4.2906
Epoch 709/800
6/6 ━━━━━━━━━━━━━━━━━━━━ 0s 8ms/step - loss: 4.1654
Epoch 710/800
6/6 ━━━━━━━━━━━━━━━━━━━━ 0s 8ms/step - loss: 5.0685
Epoch 711/800
6/6 ━━━━━━━━━━━━━━━━━━━━ 0s 8ms/step - loss: 4.1489
Epoch 712/800
6/6 ━━━━━━━━━━━━━━━━━━━━ 0s 8ms/step - loss: 4.0905
Epoch 713/800
6/6 ━━━━━━━━━━━━━━━━━━━━ 0s 8ms/step - loss: 4.3006
Epoch 714/800
6/6 ━━━━━━━━━━━━━━━━━━━━ 0s 8ms/step - loss: 4.9672
Epoch 715/800
6/6 ━━━━━━━━━━━━━━━━━━━━ 0s 8ms/step - loss: 4.3846
Epoch 716/800
6/6 ━━━━━━━━━━━━━━━━━━━━ 0s 8ms/step - loss: 3.0339
Epoch 717/800
6/6 ━━━━━━━━━━━━━━━━━━━━ 0s 8ms/step - loss: 4.7000
Epoch 718/800
6/6 ━━━━━━━━━━━━━━━━━━━━ 0s 8ms/step - loss: 3.5878
Epoch 719/800
6/6 ━━━━━━━━━━━━━━━━━━━━ 0s 8ms/step - loss: 4.0058
Epoch 720/800
6/6 ━━━━━━━━━━━━━━━━━━━━ 0s 8ms/step - loss: 4.2287
Epoch 721/800
6/6 ━━━━━━━━━━━━━━━━━━━━ 0s 8ms/step - loss: 4.0039
Epoch 722/800
6/6 ━━━━━━━━━━━━━━━━━━━━ 0s 8ms/step - loss: 4.0630
Epoch 723/800
6/6 ━━━━━━━━━━━━━━━━━━━━ 0s 8ms/step - loss: 5.2058
Epoch 724/800
6/6 ━━━━━━━━━━━━━━━━━━━━ 0s 8ms/step - loss: 5.1619
Epoch 725/800
6/6 ━━━━━━━━━━━━━━━━━━━━ 0s 8ms/step - loss: 4.3090
Epoch 726/800
6/6 ━━━━━━━━━━━━━━━━━━━━ 0s 8ms/step - loss: 4.0112
Epoch 727/800
6/6 ━━━━━━━━━━━━━━━━━━━━ 0s 8ms/step - loss: 4.1567
76
6/6 ━━━━━━━━━━━━━━━━━━━━ 0s 8ms/step - loss: 7.4461
Epoch 750/800
6/6 ━━━━━━━━━━━━━━━━━━━━ 0s 8ms/step - loss: 5.0915
Epoch 751/800
6/6 ━━━━━━━━━━━━━━━━━━━━ 0s 8ms/step - loss: 5.1299
Epoch 752/800
6/6 ━━━━━━━━━━━━━━━━━━━━ 0s 8ms/step - loss: 4.5294
Epoch 753/800
6/6 ━━━━━━━━━━━━━━━━━━━━ 0s 8ms/step - loss: 6.1870
Epoch 754/800
6/6 ━━━━━━━━━━━━━━━━━━━━ 0s 8ms/step - loss: 4.7076
Epoch 755/800
6/6 ━━━━━━━━━━━━━━━━━━━━ 0s 8ms/step - loss: 6.0549
Epoch 756/800
6/6 ━━━━━━━━━━━━━━━━━━━━ 0s 8ms/step - loss: 4.2585
Epoch 757/800
6/6 ━━━━━━━━━━━━━━━━━━━━ 0s 8ms/step - loss: 4.4055
Epoch 758/800
6/6 ━━━━━━━━━━━━━━━━━━━━ 0s 8ms/step - loss: 4.7792
Epoch 759/800
6/6 ━━━━━━━━━━━━━━━━━━━━ 0s 8ms/step - loss: 4.3052
Epoch 760/800
6/6 ━━━━━━━━━━━━━━━━━━━━ 0s 8ms/step - loss: 4.3264
Epoch 761/800
6/6 ━━━━━━━━━━━━━━━━━━━━ 0s 8ms/step - loss: 3.7764
Epoch 762/800
6/6 ━━━━━━━━━━━━━━━━━━━━ 0s 8ms/step - loss: 4.1711
Epoch 763/800
6/6 ━━━━━━━━━━━━━━━━━━━━ 0s 8ms/step - loss: 4.5686
Epoch 764/800
6/6 ━━━━━━━━━━━━━━━━━━━━ 0s 8ms/step - loss: 5.0314
Epoch 765/800
6/6 ━━━━━━━━━━━━━━━━━━━━ 0s 8ms/step - loss: 4.3019
Epoch 766/800
6/6 ━━━━━━━━━━━━━━━━━━━━ 0s 8ms/step - loss: 4.8000
Epoch 767/800
6/6 ━━━━━━━━━━━━━━━━━━━━ 0s 8ms/step - loss: 3.4690
Epoch 768/800
6/6 ━━━━━━━━━━━━━━━━━━━━ 0s 8ms/step - loss: 4.4300
Epoch 769/800
6/6 ━━━━━━━━━━━━━━━━━━━━ 0s 8ms/step - loss: 3.7715
Epoch 770/800
6/6 ━━━━━━━━━━━━━━━━━━━━ 0s 8ms/step - loss: 4.1308
Epoch 771/800
6/6 ━━━━━━━━━━━━━━━━━━━━ 0s 8ms/step - loss: 3.5472
Epoch 772/800
6/6 ━━━━━━━━━━━━━━━━━━━━ 0s 8ms/step - loss: 4.0075
Epoch 773/800
6/6 ━━━━━━━━━━━━━━━━━━━━ 0s 8ms/step - loss: 5.0610
Epoch 774/800
6/6 ━━━━━━━━━━━━━━━━━━━━ 0s 8ms/step - loss: 5.6110
Epoch 775/800
6/6 ━━━━━━━━━━━━━━━━━━━━ 0s 8ms/step - loss: 4.6815
Epoch 776/800
6/6 ━━━━━━━━━━━━━━━━━━━━ 0s 8ms/step - loss: 4.0900
# Step 9: Create decoder model to generate from latent
space
latent_inputs = Input(shape=(latent_dim,))
x = decoder_h1(latent_inputs)
x = decoder_h2(x)
decoder_outputs = decoder_out(x)
decoder = Model(latent_inputs, decoder_outputs)

# Step 10: Utility function to print pattern as binary
grid
def print_pattern(vec):
img = vec.reshape(15, 7)
for row in img:
print("".join(str(b) for b in row))

# Generate 12 new patterns and print raw binary pattern
generated_patterns = []

for i in range(12):
random_latent_vector = np.random.normal(size=(1, la-
tent_dim))
generated = decoder.predict(random_latent_vector, ver-
bose=0)  # - suppress progress bar
generated_binary = (generated > 0.5).astype(int)

print_pattern(generated_binary[0])

# Add 3 blank lines for spacing
print("\n\n\n")

generated_patterns.append(generated_binary[0])

0000000
0000000
0000000
0111110
0000100
0001000
0010000
0111110
0000000
0000000
0000000

0000000
0000000
0111110
0000100
0001000
0010000
0111110
0000000
0000000
77
